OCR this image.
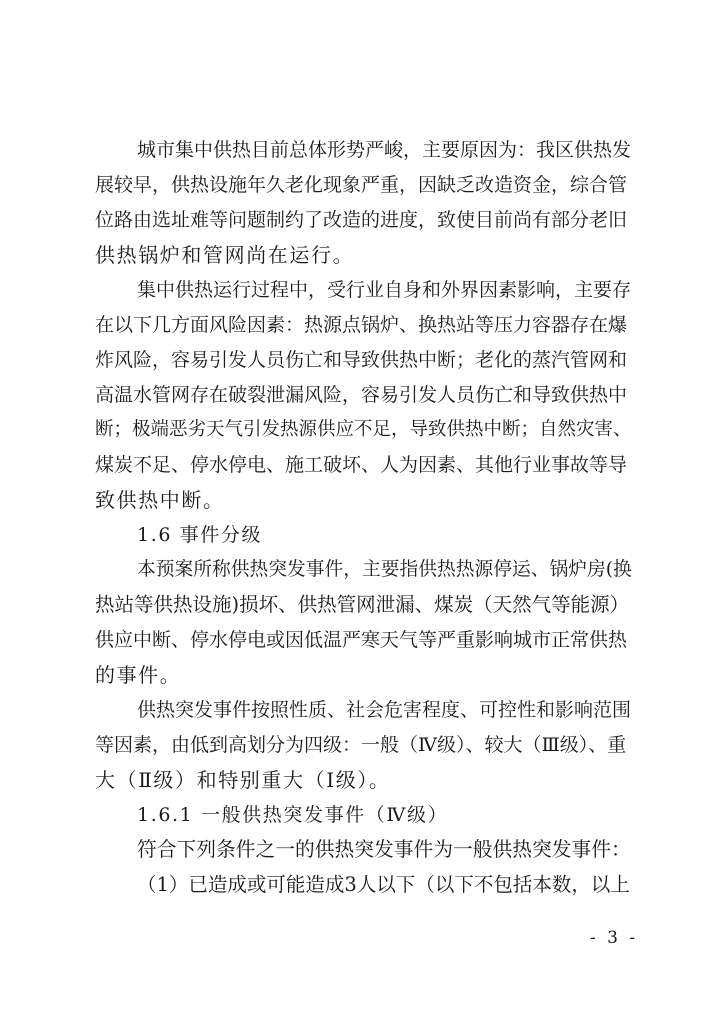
城市集中供热目前总体形势严峻，主要原因为：我区供热发
展较早，供热设施年久老化现象严重，因缺乏改造资金，综合管
位路由选址难等问题制约了改造的进度，致使目前尚有部分老旧
供热锅炉和管网尚在运行。
集中供热运行过程中，受行业自身和外界因素影响，主要存
在以下几方面风险因素：热源点锅炉、换热站等压力容器存在爆
炸风险，容易引发人员伤亡和导致供热中断；老化的蒸汽管网和
高温水管网存在破裂泄漏风险，容易引发人员伤亡和导致供热中
断；极端恶劣天气引发热源供应不足，导致供热中断；自然灾害、
煤炭不足、停水停电、施工破坏、人为因素、其他行业事故等导
致供热中断。
1.6 事件分级
本预案所称供热突发事件，主要指供热热源停运、锅炉房(换
热站等供热设施)损坏、供热管网泄漏、煤炭（天然气等能源）
供应中断、停水停电或因低温严寒天气等严重影响城市正常供热
的事件。
供热突发事件按照性质、社会危害程度、可控性和影响范围
等因素，由低到高划分为四级：一般（Ⅳ级）、较大（Ⅲ级）、重
大（Ⅱ级）和特别重大（Ⅰ级）。
1.6.1 一般供热突发事件（Ⅳ级）
符合下列条件之一的供热突发事件为一般供热突发事件：
（1）已造成或可能造成3人以下（以下不包括本数，以上
- 3 -
